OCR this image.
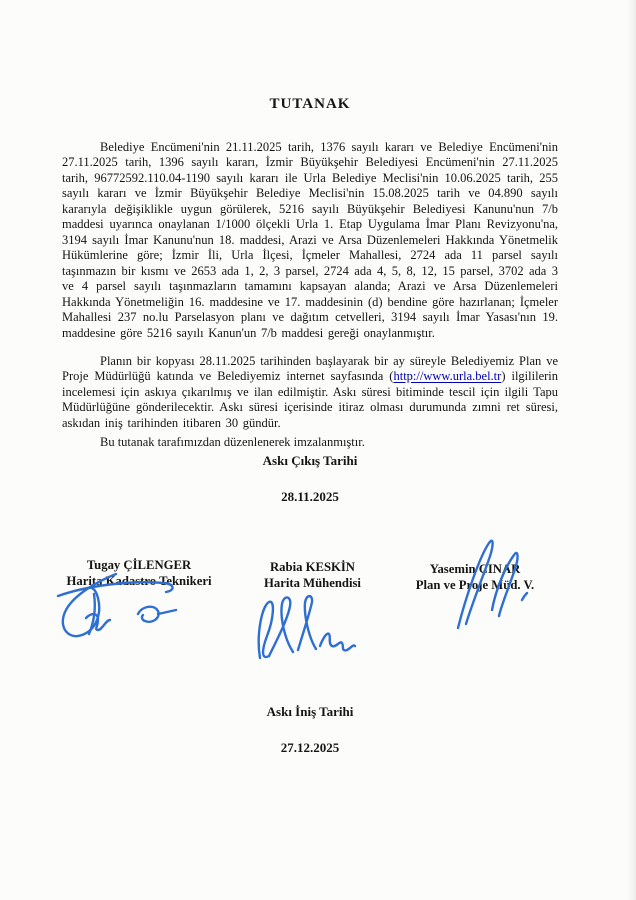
TUTANAK

Belediye Encümeni'nin 21.11.2025 tarih, 1376 sayılı kararı ve Belediye Encümeni'nin 27.11.2025 tarih, 1396 sayılı kararı, İzmir Büyükşehir Belediyesi Encümeni'nin 27.11.2025 tarih, 96772592.110.04-1190 sayılı kararı ile Urla Belediye Meclisi'nin 10.06.2025 tarih, 255 sayılı kararı ve İzmir Büyükşehir Belediye Meclisi'nin 15.08.2025 tarih ve 04.890 sayılı kararıyla değişiklikle uygun görülerek, 5216 sayılı Büyükşehir Belediyesi Kanunu'nun 7/b maddesi uyarınca onaylanan 1/1000 ölçekli Urla 1. Etap Uygulama İmar Planı Revizyonu'na, 3194 sayılı İmar Kanunu'nun 18. maddesi, Arazi ve Arsa Düzenlemeleri Hakkında Yönetmelik Hükümlerine göre; İzmir İli, Urla İlçesi, İçmeler Mahallesi, 2724 ada 11 parsel sayılı taşınmazın bir kısmı ve 2653 ada 1, 2, 3 parsel, 2724 ada 4, 5, 8, 12, 15 parsel, 3702 ada 3 ve 4 parsel sayılı taşınmazların tamamını kapsayan alanda; Arazi ve Arsa Düzenlemeleri Hakkında Yönetmeliğin 16. maddesine ve 17. maddesinin (d) bendine göre hazırlanan; İçmeler Mahallesi 237 no.lu Parselasyon planı ve dağıtım cetvelleri, 3194 sayılı İmar Yasası'nın 19. maddesine göre 5216 sayılı Kanun'un 7/b maddesi gereği onaylanmıştır.

Planın bir kopyası 28.11.2025 tarihinden başlayarak bir ay süreyle Belediyemiz Plan ve Proje Müdürlüğü katında ve Belediyemiz internet sayfasında (http://www.urla.bel.tr) ilgililerin incelemesi için askıya çıkarılmış ve ilan edilmiştir. Askı süresi bitiminde tescil için ilgili Tapu Müdürlüğüne gönderilecektir. Askı süresi içerisinde itiraz olması durumunda zımni ret süresi, askıdan iniş tarihinden itibaren 30 gündür.

Bu tutanak tarafımızdan düzenlenerek imzalanmıştır.

Askı Çıkış Tarihi
28.11.2025
Tugay ÇİLENGER
Harita Kadastro Teknikeri
Rabia KESKİN
Harita Mühendisi
Yasemin ÇINAR
Plan ve Proje Müd. V.
Askı İniş Tarihi
27.12.2025
